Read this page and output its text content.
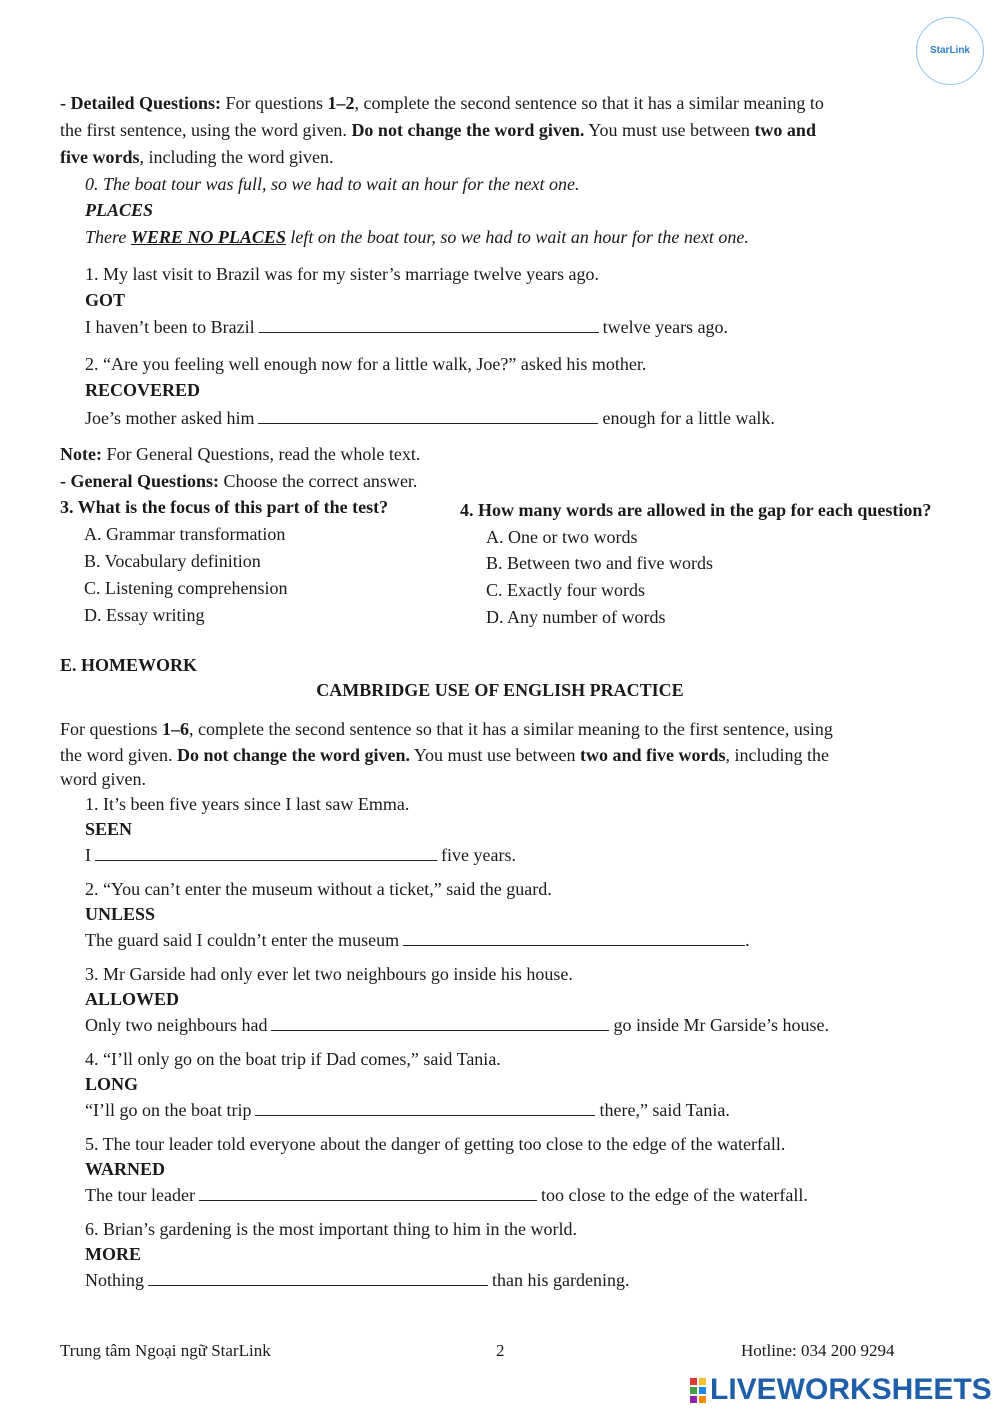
StarLink
- Detailed Questions: For questions 1–2, complete the second sentence so that it has a similar meaning to
the first sentence, using the word given. Do not change the word given. You must use between two and
five words, including the word given.
0. The boat tour was full, so we had to wait an hour for the next one.
PLACES
There WERE NO PLACES left on the boat tour, so we had to wait an hour for the next one.
1. My last visit to Brazil was for my sister’s marriage twelve years ago.
GOT
I haven’t been to Brazil	twelve years ago.
2. “Are you feeling well enough now for a little walk, Joe?” asked his mother.
RECOVERED
Joe’s mother asked him	enough for a little walk.
Note: For General Questions, read the whole text.
- General Questions: Choose the correct answer.
3. What is the focus of this part of the test?
A. Grammar transformation
B. Vocabulary definition
C. Listening comprehension
D. Essay writing
4. How many words are allowed in the gap for each question?
A. One or two words
B. Between two and five words
C. Exactly four words
D. Any number of words
E. HOMEWORK
CAMBRIDGE USE OF ENGLISH PRACTICE
For questions 1–6, complete the second sentence so that it has a similar meaning to the first sentence, using
the word given. Do not change the word given. You must use between two and five words, including the
word given.
1. It’s been five years since I last saw Emma.
SEEN
I	five years.
2. “You can’t enter the museum without a ticket,” said the guard.
UNLESS
The guard said I couldn’t enter the museum	.
3. Mr Garside had only ever let two neighbours go inside his house.
ALLOWED
Only two neighbours had	go inside Mr Garside’s house.
4. “I’ll only go on the boat trip if Dad comes,” said Tania.
LONG
“I’ll go on the boat trip	there,” said Tania.
5. The tour leader told everyone about the danger of getting too close to the edge of the waterfall.
WARNED
The tour leader	too close to the edge of the waterfall.
6. Brian’s gardening is the most important thing to him in the world.
MORE
Nothing	than his gardening.
Trung tâm Ngoại ngữ StarLink	2	Hotline: 034 200 9294
LIVEWORKSHEETS
